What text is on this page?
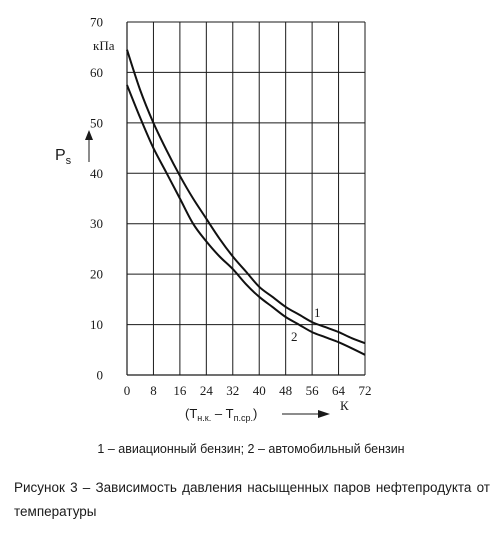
0
10
20
30
40
50
60
70
0 8 16 24 32 40 48 56 64 72
кПа
$P_s$
$(T_{н.к.} - T_{п.ср.})$
К
1
2
1 – авиационный бензин; 2 – автомобильный бензин
Рисунок 3 – Зависимость давления насыщенных паров нефтепродукта от температуры
